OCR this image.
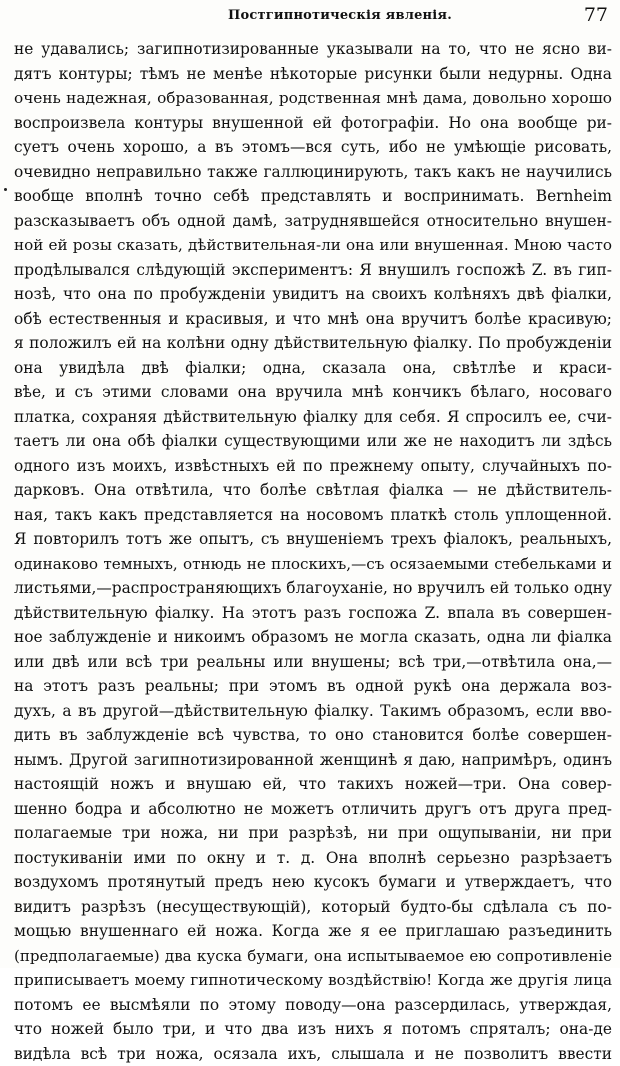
Постгипнотическія явленія.	77
не удавались; загипнотизированные указывали на то, что не ясно ви-
дятъ контуры; тѣмъ не менѣе нѣкоторые рисунки были недурны. Одна
очень надежная, образованная, родственная мнѣ дама, довольно хорошо
воспроизвела контуры внушенной ей фотографіи. Но она вообще ри-
суетъ очень хорошо, а въ этомъ—вся суть, ибо не умѣющіе рисовать,
очевидно неправильно также галлюцинирують, такъ какъ не научились
вообще вполнѣ точно себѣ представлять и воспринимать. Bernheim
разсказываетъ объ одной дамѣ, затруднявшейся относительно внушен-
ной ей розы сказать, дѣйствительная-ли она или внушенная. Мною часто
продѣлывался слѣдующій экспериментъ: Я внушилъ госпожѣ Z. въ гип-
нозѣ, что она по пробужденіи увидитъ на своихъ колѣняхъ двѣ фіалки,
обѣ естественныя и красивыя, и что мнѣ она вручитъ болѣе красивую;
я положилъ ей на колѣни одну дѣйствительную фіалку. По пробужденіи
она увидѣла двѣ фіалки; одна, сказала она, свѣтлѣе и краси-
вѣе, и съ этими словами она вручила мнѣ кончикъ бѣлаго, носоваго
платка, сохраняя дѣйствительную фіалку для себя. Я спросилъ ее, счи-
таетъ ли она обѣ фіалки существующими или же не находитъ ли здѣсь
одного изъ моихъ, извѣстныхъ ей по прежнему опыту, случайныхъ по-
дарковъ. Она отвѣтила, что болѣе свѣтлая фіалка — не дѣйствитель-
ная, такъ какъ представляется на носовомъ платкѣ столь уплощенной.
Я повторилъ тотъ же опытъ, съ внушеніемъ трехъ фіалокъ, реальныхъ,
одинаково темныхъ, отнюдь не плоскихъ,—съ осязаемыми стебельками и
листьями,—распространяющихъ благоуханіе, но вручилъ ей только одну
дѣйствительную фіалку. На этотъ разъ госпожа Z. впала въ совершен-
ное заблужденіе и никоимъ образомъ не могла сказать, одна ли фіалка
или двѣ или всѣ три реальны или внушены; всѣ три,—отвѣтила она,—
на этотъ разъ реальны; при этомъ въ одной рукѣ она держала воз-
духъ, а въ другой—дѣйствительную фіалку. Такимъ образомъ, если вво-
дить въ заблужденіе всѣ чувства, то оно становится болѣе совершен-
нымъ. Другой загипнотизированной женщинѣ я даю, напримѣръ, одинъ
настоящій ножъ и внушаю ей, что такихъ ножей—три. Она совер-
шенно бодра и абсолютно не можетъ отличить другъ отъ друга пред-
полагаемые три ножа, ни при разрѣзѣ, ни при ощупываніи, ни при
постукиваніи ими по окну и т. д. Она вполнѣ серьезно разрѣзаетъ
воздухомъ протянутый предъ нею кусокъ бумаги и утверждаетъ, что
видитъ разрѣзъ (несуществующій), который будто-бы сдѣлала съ по-
мощью внушеннаго ей ножа. Когда же я ее приглашаю разъединить
(предполагаемые) два куска бумаги, она испытываемое ею сопротивленіе
приписываетъ моему гипнотическому воздѣйствію! Когда же другія лица
потомъ ее высмѣяли по этому поводу—она разсердилась, утверждая,
что ножей было три, и что два изъ нихъ я потомъ спряталъ; она-де
видѣла всѣ три ножа, осязала ихъ, слышала и не позволитъ ввести
